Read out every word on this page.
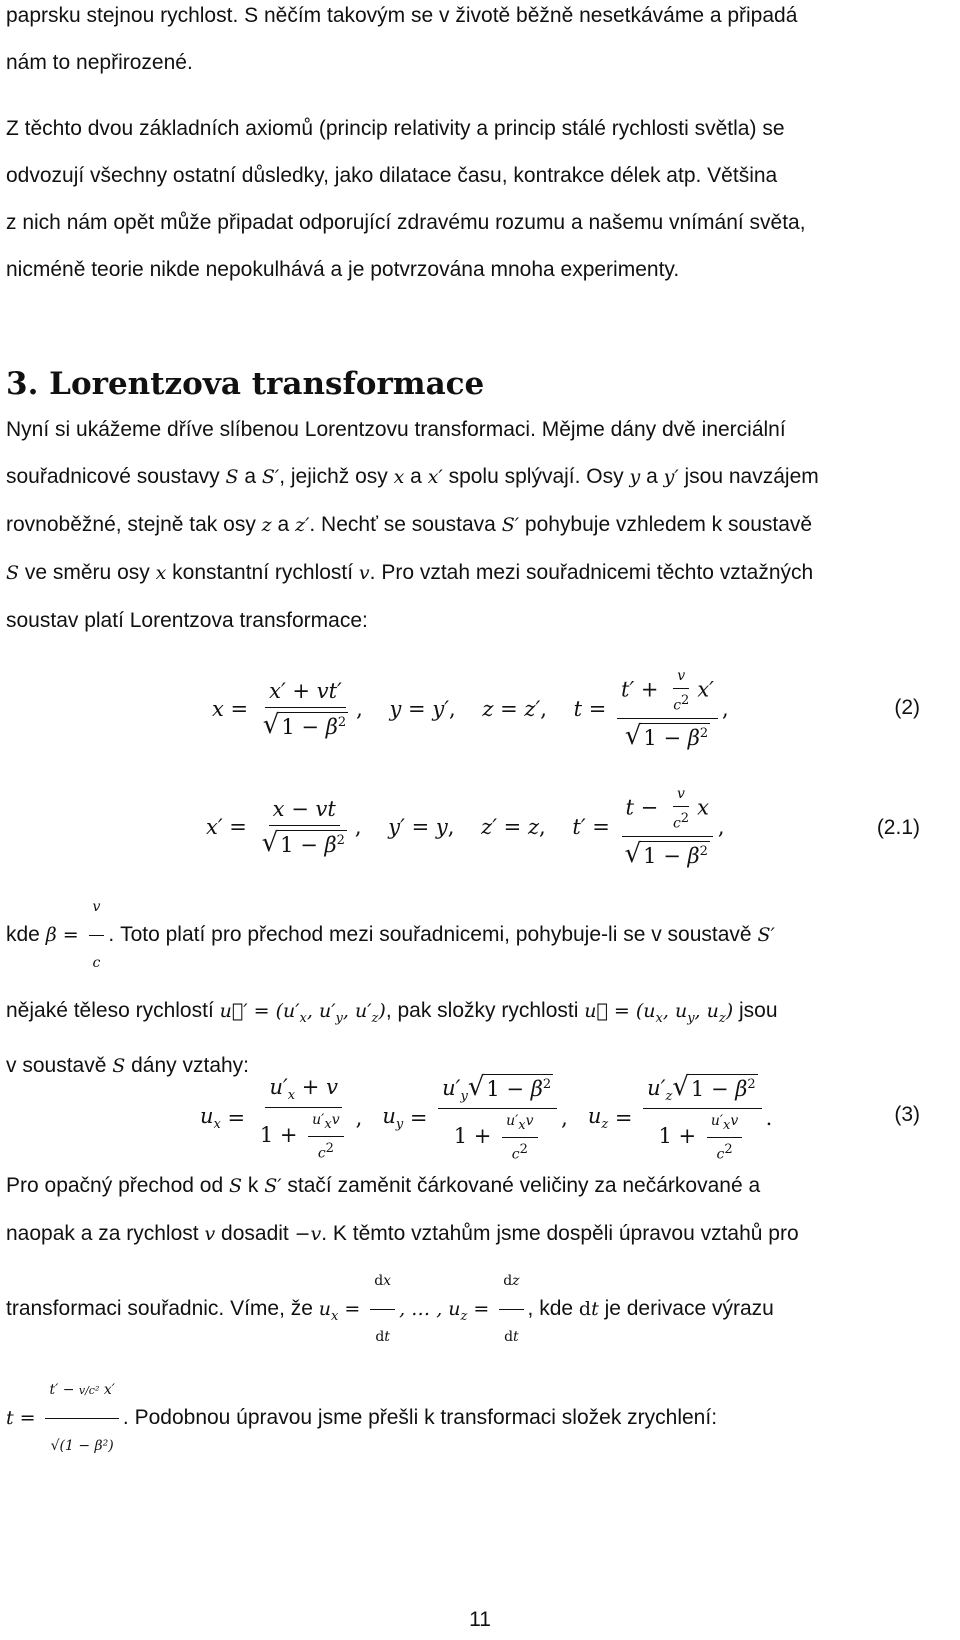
paprsku stejnou rychlost. S něčím takovým se v životě běžně nesetkáváme a připadá
nám to nepřirozené.
Z těchto dvou základních axiomů (princip relativity a princip stálé rychlosti světla) se
odvozují všechny ostatní důsledky, jako dilatace času, kontrakce délek atp. Většina
z nich nám opět může připadat odporující zdravému rozumu a našemu vnímání světa,
nicméně teorie nikde nepokulhává a je potvrzována mnoha experimenty.
3. Lorentzova transformace
Nyní si ukážeme dříve slíbenou Lorentzovu transformaci. Mějme dány dvě inerciální
souřadnicové soustavy S a S′, jejichž osy x a x′ spolu splývají. Osy y a y′ jsou navzájem
rovnoběžné, stejně tak osy z a z′. Nechť se soustava S′ pohybuje vzhledem k soustavě
S ve směru osy x konstantní rychlostí v. Pro vztah mezi souřadnicemi těchto vztažných
soustav platí Lorentzova transformace:
$x = \frac{x' + vt'}{√ 1 - \beta^2}$ , y = y′ , z = z′ , $t = \frac{t' + \frac{v}{c^2} x'}{√ 1 - \beta^2}$ ,	(2)
$x' = \frac{x - vt}{√ 1 - \beta^2}$ , y′ = y , z′ = z , $t' = \frac{t - \frac{v}{c^2} x}{√ 1 - \beta^2}$ ,	(2.1)
kde $\beta = \frac{v}{c}$ . Toto platí pro přechod mezi souřadnicemi, pohybuje-li se v soustavě S′
nějaké těleso rychlostí u⃗′ = ($u'_x$, $u'_y$, $u'_z$), pak složky rychlosti u⃗ = ($u_x$, $u_y$, $u_z$) jsou
v soustavě S dány vztahy:
$u_x = \frac{u'_x + v}{1 + \frac{u'_xv}{c^2}}$ , $u_y = \frac{u'_y √ 1 - \beta^2}{1 + \frac{u'_xv}{c^2}}$ , $u_z = \frac{u'_z √ 1 - \beta^2}{1 + \frac{u'_xv}{c^2}}$ .	(3)
Pro opačný přechod od S k S′ stačí zaměnit čárkované veličiny za nečárkované a
naopak a za rychlost v dosadit −v. K těmto vztahům jsme dospěli úpravou vztahů pro
transformaci souřadnic. Víme, že $u_x = \frac{dx}{dt}$ , … , $u_z = \frac{dz}{dt}$ , kde dt je derivace výrazu
$t = \frac{\text{t′ − v/c² x′}}{\text{√(1 − β²)}}$ . Podobnou úpravou jsme přešli k transformaci složek zrychlení:
11
